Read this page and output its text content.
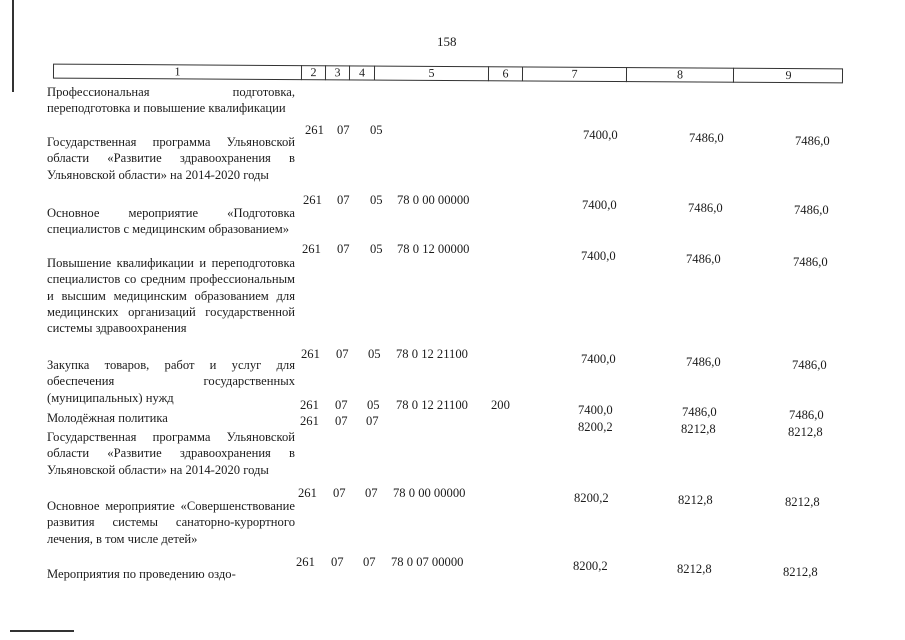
158
1	2	3	4	5	6	7	8	9
Профессиональная подготовка, переподготовка и повышение квалификации
261 07 05	7400,0	7486,0	7486,0
Государственная программа Ульяновской области «Развитие здравоохранения в Ульяновской области» на 2014-2020 годы
261 07 05 78 0 00 00000	7400,0	7486,0	7486,0
Основное мероприятие «Подготовка специалистов с медицинским образованием»
261 07 05 78 0 12 00000	7400,0	7486,0	7486,0
Повышение квалификации и переподготовка специалистов со средним профессиональным и высшим медицинским образованием для медицинских организаций государственной системы здравоохранения
261 07 05 78 0 12 21100	7400,0	7486,0	7486,0
Закупка товаров, работ и услуг для обеспечения государственных (муниципальных) нужд
261 07 05 78 0 12 21100 200	7400,0	7486,0	7486,0
Молодёжная политика	261 07 07	8200,2	8212,8	8212,8
Государственная программа Ульяновской области «Развитие здравоохранения в Ульяновской области» на 2014-2020 годы
261 07 07 78 0 00 00000	8200,2	8212,8	8212,8
Основное мероприятие «Совершенствование развития системы санаторно-курортного лечения, в том числе детей»
261 07 07 78 0 07 00000	8200,2	8212,8	8212,8
Мероприятия по проведению оздо-
